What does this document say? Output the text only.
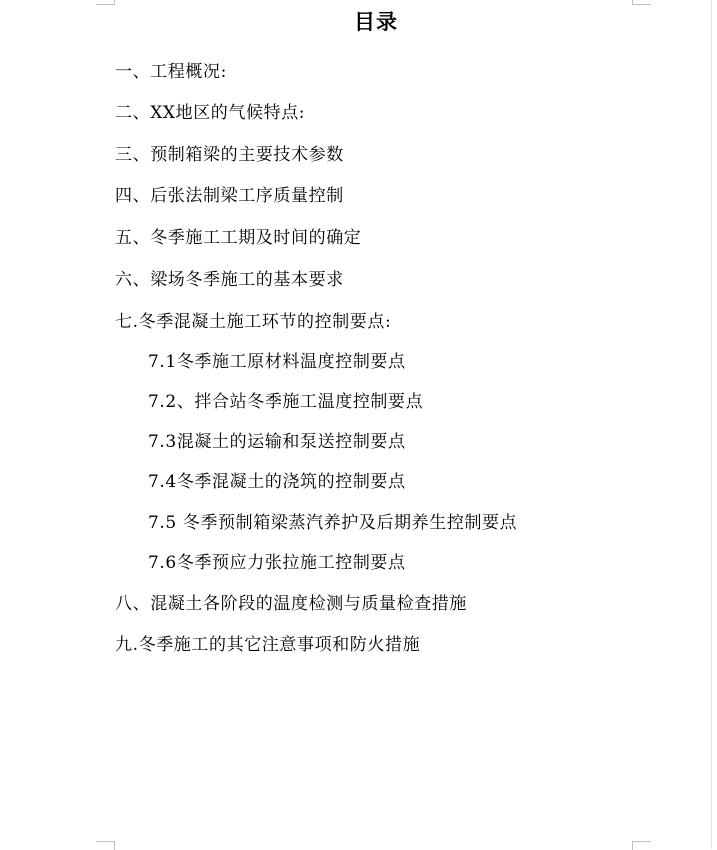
目录
一、工程概况:
二、XX地区的气候特点:
三、预制箱梁的主要技术参数
四、后张法制梁工序质量控制
五、冬季施工工期及时间的确定
六、梁场冬季施工的基本要求
七.冬季混凝土施工环节的控制要点:
7.1冬季施工原材料温度控制要点
7.2、拌合站冬季施工温度控制要点
7.3混凝土的运输和泵送控制要点
7.4冬季混凝土的浇筑的控制要点
7.5 冬季预制箱梁蒸汽养护及后期养生控制要点
7.6冬季预应力张拉施工控制要点
八、混凝土各阶段的温度检测与质量检查措施
九.冬季施工的其它注意事项和防火措施
